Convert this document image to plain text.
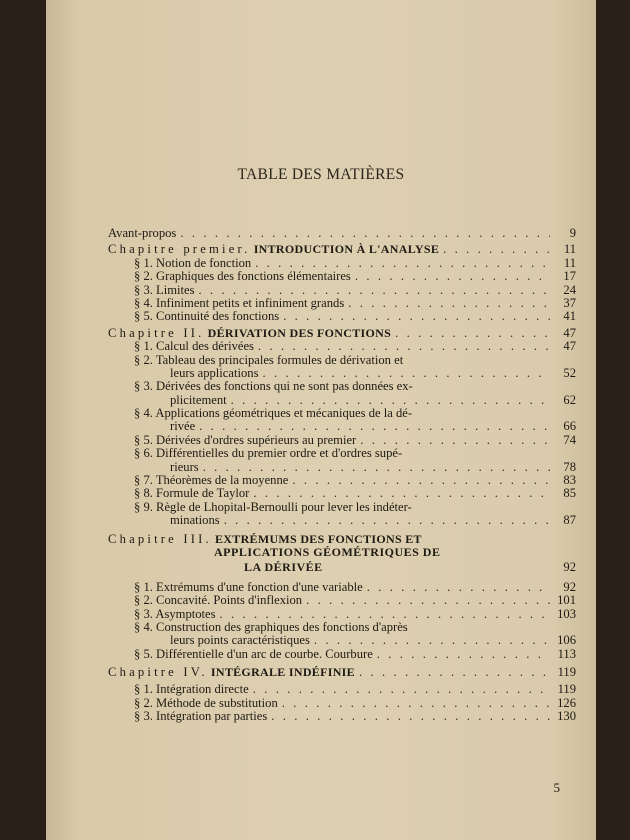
TABLE DES MATIÈRES
Avant-propos . . .	9
Chapitre premier. INTRODUCTION À L'ANALYSE . . .	11
§ 1. Notion de fonction . . .	11
§ 2. Graphiques des fonctions élémentaires . . .	17
§ 3. Limites . . .	24
§ 4. Infiniment petits et infiniment grands . . .	37
§ 5. Continuité des fonctions . . .	41
Chapitre II. DÉRIVATION DES FONCTIONS . . .	47
§ 1. Calcul des dérivées . . .	47
§ 2. Tableau des principales formules de dérivation et
leurs applications . . .	52
§ 3. Dérivées des fonctions qui ne sont pas données ex-
plicitement . . .	62
§ 4. Applications géométriques et mécaniques de la dé-
rivée . . .	66
§ 5. Dérivées d'ordres supérieurs au premier . . .	74
§ 6. Différentielles du premier ordre et d'ordres supé-
rieurs . . .	78
§ 7. Théorèmes de la moyenne . . .	83
§ 8. Formule de Taylor . . .	85
§ 9. Règle de Lhopital-Bernoulli pour lever les indéter-
minations . . .	87
Chapitre III. EXTRÉMUMS DES FONCTIONS ET
APPLICATIONS GÉOMÉTRIQUES DE
LA DÉRIVÉE	92
§ 1. Extrémums d'une fonction d'une variable . . .	92
§ 2. Concavité. Points d'inflexion . . .	101
§ 3. Asymptotes . . .	103
§ 4. Construction des graphiques des fonctions d'après
leurs points caractéristiques . . .	106
§ 5. Différentielle d'un arc de courbe. Courbure . . .	113
Chapitre IV. INTÉGRALE INDÉFINIE . . .	119
§ 1. Intégration directe . . .	119
§ 2. Méthode de substitution . . .	126
§ 3. Intégration par parties . . .	130
5
